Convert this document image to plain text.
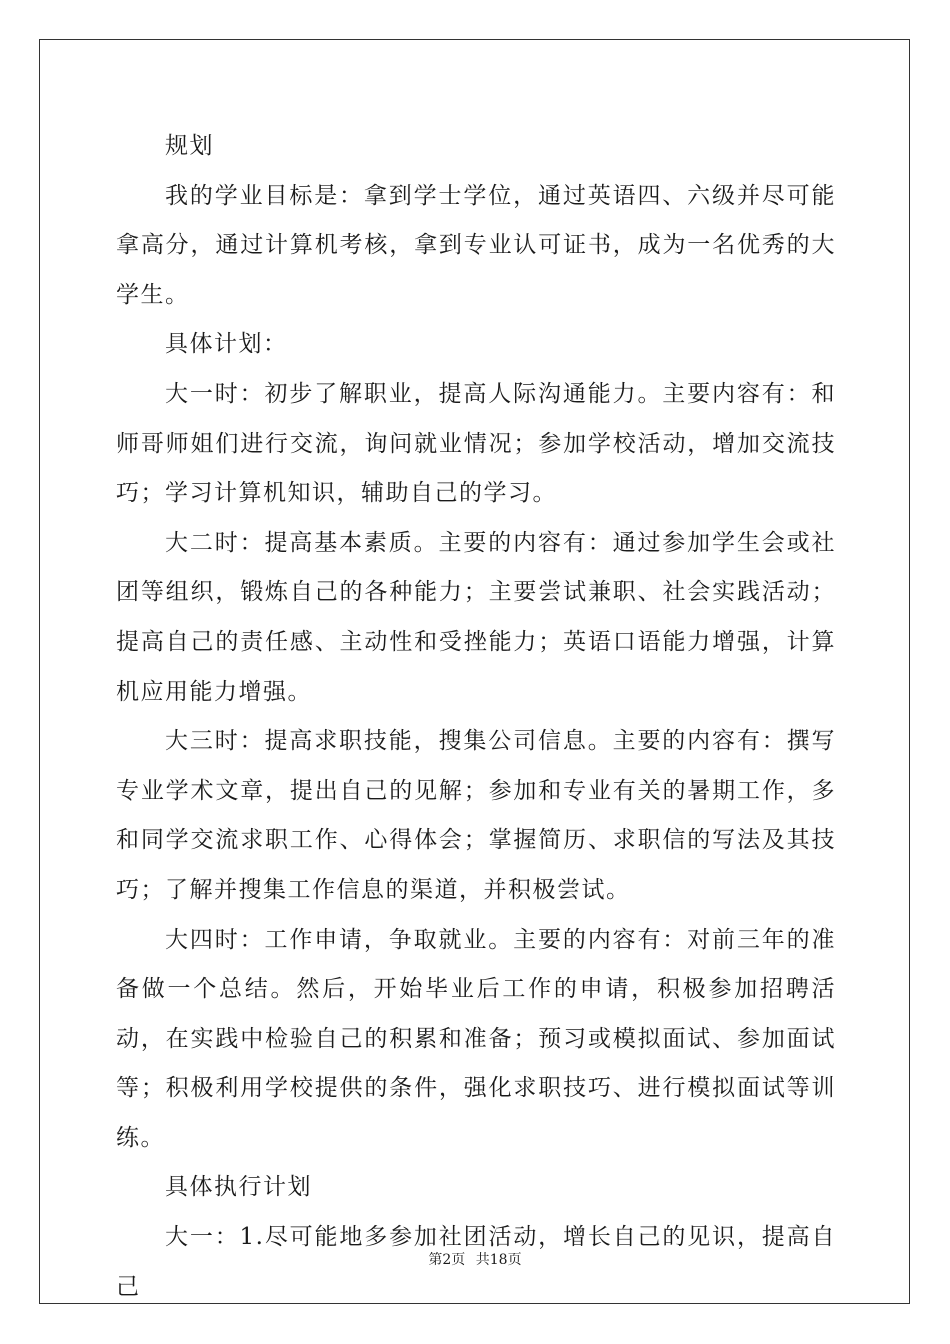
规划

我的学业目标是：拿到学士学位，通过英语四、六级并尽可能拿高分，通过计算机考核，拿到专业认可证书，成为一名优秀的大学生。

具体计划：

大一时：初步了解职业，提高人际沟通能力。主要内容有：和师哥师姐们进行交流，询问就业情况；参加学校活动，增加交流技巧；学习计算机知识，辅助自己的学习。

大二时：提高基本素质。主要的内容有：通过参加学生会或社团等组织，锻炼自己的各种能力；主要尝试兼职、社会实践活动；提高自己的责任感、主动性和受挫能力；英语口语能力增强，计算机应用能力增强。

大三时：提高求职技能，搜集公司信息。主要的内容有：撰写专业学术文章，提出自己的见解；参加和专业有关的暑期工作，多和同学交流求职工作、心得体会；掌握简历、求职信的写法及其技巧；了解并搜集工作信息的渠道，并积极尝试。

大四时：工作申请，争取就业。主要的内容有：对前三年的准备做一个总结。然后，开始毕业后工作的申请，积极参加招聘活动，在实践中检验自己的积累和准备；预习或模拟面试、参加面试等；积极利用学校提供的条件，强化求职技巧、进行模拟面试等训练。

具体执行计划

大一：1.尽可能地多参加社团活动，增长自己的见识，提高自己

第2页 共18页
